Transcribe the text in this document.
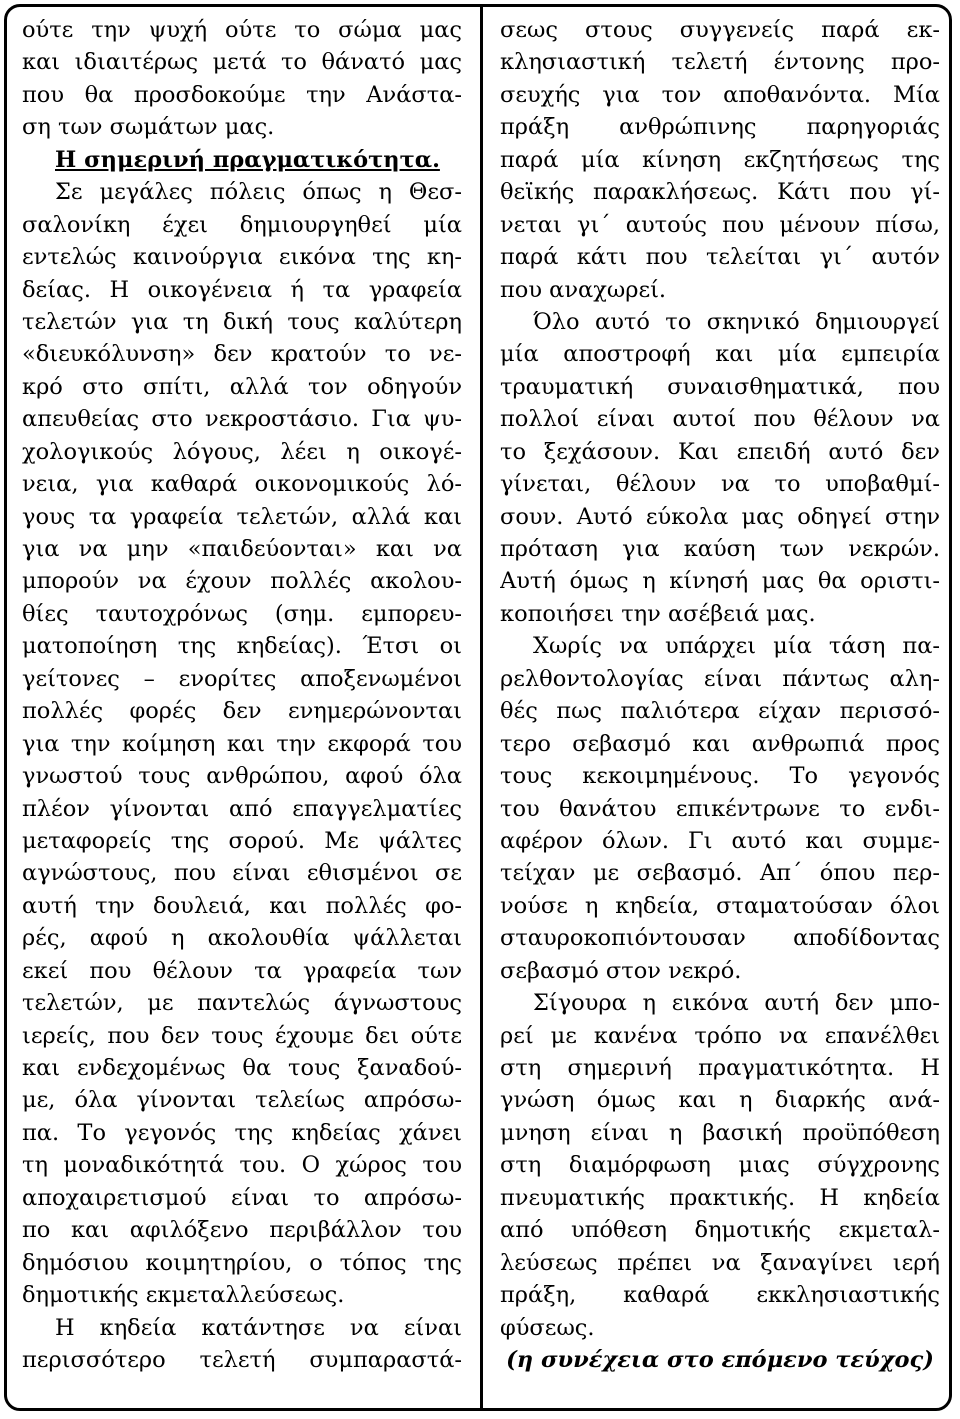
ούτε την ψυχή ούτε το σώμα μας
και ιδιαιτέρως μετά το θάνατό μας
που θα προσδοκούμε την Ανάστα-
ση των σωμάτων μας.
Η σημερινή πραγματικότητα.
Σε μεγάλες πόλεις όπως η Θεσ-
σαλονίκη έχει δημιουργηθεί μία
εντελώς καινούργια εικόνα της κη-
δείας. Η οικογένεια ή τα γραφεία
τελετών για τη δική τους καλύτερη
«διευκόλυνση» δεν κρατούν το νε-
κρό στο σπίτι, αλλά τον οδηγούν
απευθείας στο νεκροστάσιο. Για ψυ-
χολογικούς λόγους, λέει η οικογέ-
νεια, για καθαρά οικονομικούς λό-
γους τα γραφεία τελετών, αλλά και
για να μην «παιδεύονται» και να
μπορούν να έχουν πολλές ακολου-
θίες ταυτοχρόνως (σημ. εμπορευ-
ματοποίηση της κηδείας). Έτσι οι
γείτονες – ενορίτες αποξενωμένοι
πολλές φορές δεν ενημερώνονται
για την κοίμηση και την εκφορά του
γνωστού τους ανθρώπου, αφού όλα
πλέον γίνονται από επαγγελματίες
μεταφορείς της σορού. Με ψάλτες
αγνώστους, που είναι εθισμένοι σε
αυτή την δουλειά, και πολλές φο-
ρές, αφού η ακολουθία ψάλλεται
εκεί που θέλουν τα γραφεία των
τελετών, με παντελώς άγνωστους
ιερείς, που δεν τους έχουμε δει ούτε
και ενδεχομένως θα τους ξαναδού-
με, όλα γίνονται τελείως απρόσω-
πα. Το γεγονός της κηδείας χάνει
τη μοναδικότητά του. Ο χώρος του
αποχαιρετισμού είναι το απρόσω-
πο και αφιλόξενο περιβάλλον του
δημόσιου κοιμητηρίου, ο τόπος της
δημοτικής εκμεταλλεύσεως.
Η κηδεία κατάντησε να είναι
περισσότερο τελετή συμπαραστά-
σεως στους συγγενείς παρά εκ-
κλησιαστική τελετή έντονης προ-
σευχής για τον αποθανόντα. Μία
πράξη ανθρώπινης παρηγοριάς
παρά μία κίνηση εκζητήσεως της
θεϊκής παρακλήσεως. Κάτι που γί-
νεται γι΄ αυτούς που μένουν πίσω,
παρά κάτι που τελείται γι΄ αυτόν
που αναχωρεί.
Όλο αυτό το σκηνικό δημιουργεί
μία αποστροφή και μία εμπειρία
τραυματική συναισθηματικά, που
πολλοί είναι αυτοί που θέλουν να
το ξεχάσουν. Και επειδή αυτό δεν
γίνεται, θέλουν να το υποβαθμί-
σουν. Αυτό εύκολα μας οδηγεί στην
πρόταση για καύση των νεκρών.
Αυτή όμως η κίνησή μας θα οριστι-
κοποιήσει την ασέβειά μας.
Χωρίς να υπάρχει μία τάση πα-
ρελθοντολογίας είναι πάντως αλη-
θές πως παλιότερα είχαν περισσό-
τερο σεβασμό και ανθρωπιά προς
τους κεκοιμημένους. Το γεγονός
του θανάτου επικέντρωνε το ενδι-
αφέρον όλων. Γι αυτό και συμμε-
τείχαν με σεβασμό. Απ΄ όπου περ-
νούσε η κηδεία, σταματούσαν όλοι
σταυροκοπιόντουσαν αποδίδοντας
σεβασμό στον νεκρό.
Σίγουρα η εικόνα αυτή δεν μπο-
ρεί με κανένα τρόπο να επανέλθει
στη σημερινή πραγματικότητα. Η
γνώση όμως και η διαρκής ανά-
μνηση είναι η βασική προϋπόθεση
στη διαμόρφωση μιας σύγχρονης
πνευματικής πρακτικής. Η κηδεία
από υπόθεση δημοτικής εκμεταλ-
λεύσεως πρέπει να ξαναγίνει ιερή
πράξη, καθαρά εκκλησιαστικής
φύσεως.
(η συνέχεια στο επόμενο τεύχος)
